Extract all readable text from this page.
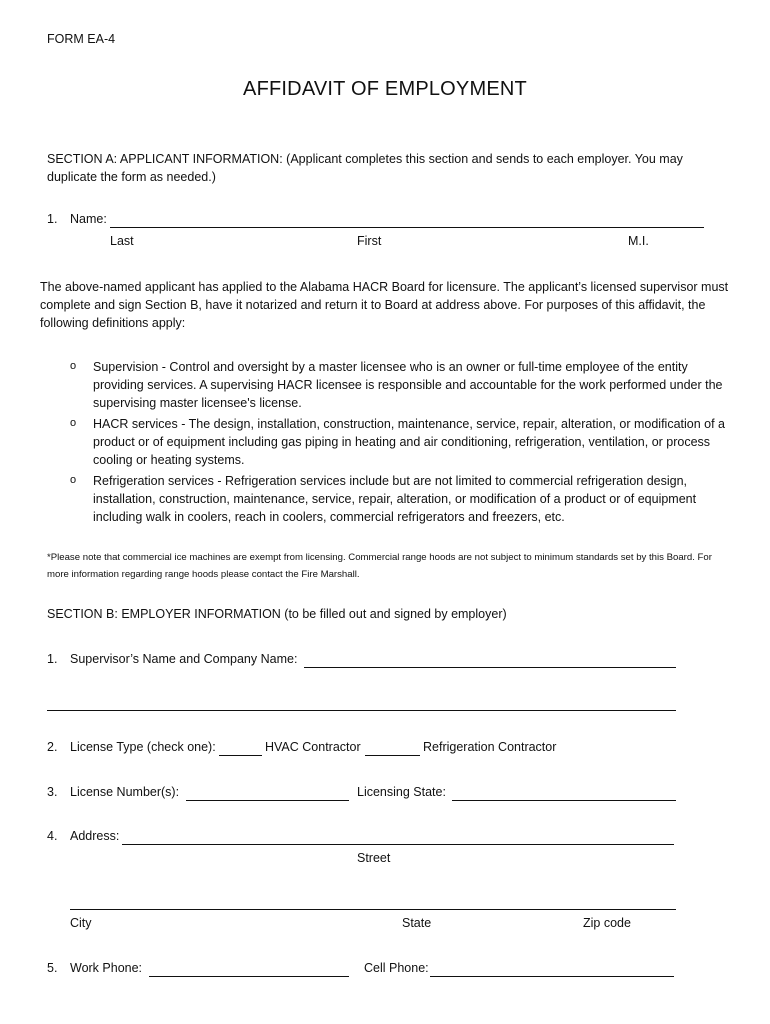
FORM EA-4
AFFIDAVIT OF EMPLOYMENT
SECTION A: APPLICANT INFORMATION: (Applicant completes this section and sends to each employer. You may duplicate the form as needed.)
1. Name:
Last	First	M.I.
The above-named applicant has applied to the Alabama HACR Board for licensure. The applicant’s licensed supervisor must complete and sign Section B, have it notarized and return it to Board at address above. For purposes of this affidavit, the following definitions apply:
o Supervision - Control and oversight by a master licensee who is an owner or full-time employee of the entity providing services. A supervising HACR licensee is responsible and accountable for the work performed under the supervising master licensee's license.
o HACR services - The design, installation, construction, maintenance, service, repair, alteration, or modification of a product or of equipment including gas piping in heating and air conditioning, refrigeration, ventilation, or process cooling or heating systems.
o Refrigeration services - Refrigeration services include but are not limited to commercial refrigeration design, installation, construction, maintenance, service, repair, alteration, or modification of a product or of equipment including walk in coolers, reach in coolers, commercial refrigerators and freezers, etc.
*Please note that commercial ice machines are exempt from licensing. Commercial range hoods are not subject to minimum standards set by this Board. For more information regarding range hoods please contact the Fire Marshall.
SECTION B: EMPLOYER INFORMATION (to be filled out and signed by employer)
1. Supervisor’s Name and Company Name:
2. License Type (check one):	HVAC Contractor	Refrigeration Contractor
3. License Number(s):	Licensing State:
4. Address:
Street
City	State	Zip code
5. Work Phone:	Cell Phone:
